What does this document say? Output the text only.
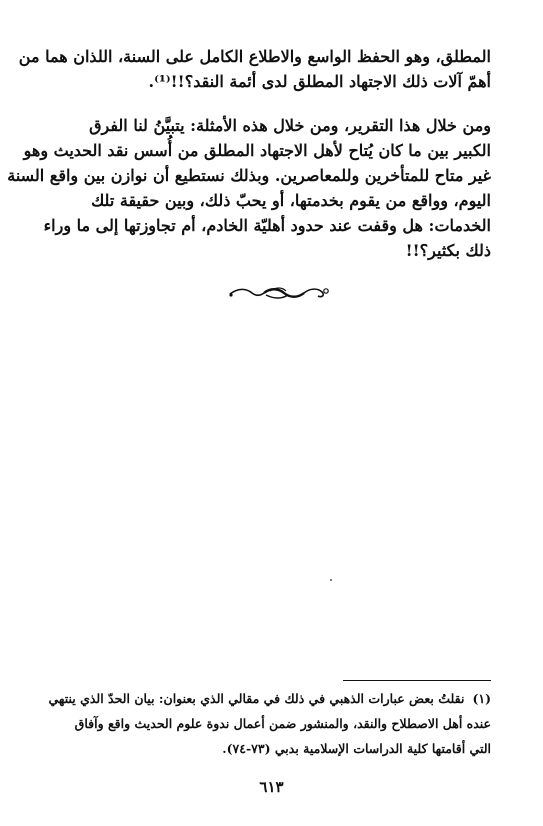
المطلق، وهو الحفظ الواسع والاطلاع الكامل على السنة، اللذان هما من
أهمّ آلات ذلك الاجتهاد المطلق لدى أئمة النقد؟!!⁽¹⁾.
ومن خلال هذا التقرير، ومن خلال هذه الأمثلة: يتبيَّنُ لنا الفرق
الكبير بين ما كان يُتاح لأهل الاجتهاد المطلق من أُسس نقد الحديث وهو
غير متاح للمتأخرين وللمعاصرين. وبذلك نستطيع أن نوازن بين واقع السنة
اليوم، وواقع من يقوم بخدمتها، أو يحبّ ذلك، وبين حقيقة تلك
الخدمات: هل وقفت عند حدود أهليّة الخادم، أم تجاوزتها إلى ما وراء
ذلك بكثير؟!!
(١)نقلتُ بعض عبارات الذهبي في ذلك في مقالي الذي بعنوان: بيان الحدّ الذي ينتهي
عنده أهل الاصطلاح والنقد، والمنشور ضمن أعمال ندوة علوم الحديث واقع وآفاق
التي أقامتها كلية الدراسات الإسلامية بدبي (٧٣-٧٤).
٦١٣
